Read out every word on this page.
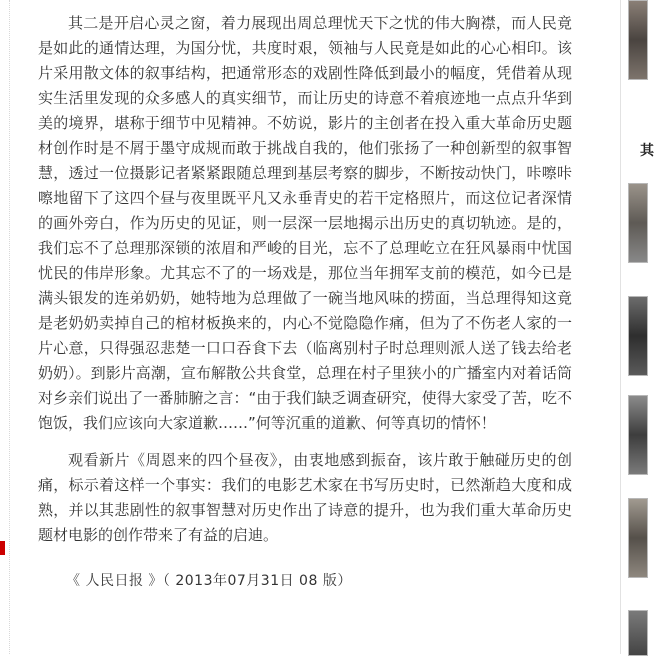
其

其二是开启心灵之窗，着力展现出周总理忧天下之忧的伟大胸襟，而人民竟是如此的通情达理，为国分忧，共度时艰，领袖与人民竟是如此的心心相印。该片采用散文体的叙事结构，把通常形态的戏剧性降低到最小的幅度，凭借着从现实生活里发现的众多感人的真实细节，而让历史的诗意不着痕迹地一点点升华到美的境界，堪称于细节中见精神。不妨说，影片的主创者在投入重大革命历史题材创作时是不屑于墨守成规而敢于挑战自我的，他们张扬了一种创新型的叙事智慧，透过一位摄影记者紧紧跟随总理到基层考察的脚步，不断按动快门，咔嚓咔嚓地留下了这四个昼与夜里既平凡又永垂青史的若干定格照片，而这位记者深情的画外旁白，作为历史的见证，则一层深一层地揭示出历史的真切轨迹。是的，我们忘不了总理那深锁的浓眉和严峻的目光，忘不了总理屹立在狂风暴雨中忧国忧民的伟岸形象。尤其忘不了的一场戏是，那位当年拥军支前的模范，如今已是满头银发的连弟奶奶，她特地为总理做了一碗当地风味的捞面，当总理得知这竟是老奶奶卖掉自己的棺材板换来的，内心不觉隐隐作痛，但为了不伤老人家的一片心意，只得强忍悲楚一口口吞食下去（临离别村子时总理则派人送了钱去给老奶奶）。到影片高潮，宣布解散公共食堂，总理在村子里狭小的广播室内对着话筒对乡亲们说出了一番肺腑之言：“由于我们缺乏调查研究，使得大家受了苦，吃不饱饭，我们应该向大家道歉……”何等沉重的道歉、何等真切的情怀！

观看新片《周恩来的四个昼夜》，由衷地感到振奋，该片敢于触碰历史的创痛，标示着这样一个事实：我们的电影艺术家在书写历史时，已然渐趋大度和成熟，并以其悲剧性的叙事智慧对历史作出了诗意的提升，也为我们重大革命历史题材电影的创作带来了有益的启迪。

《 人民日报 》（ 2013年07月31日 08 版）
